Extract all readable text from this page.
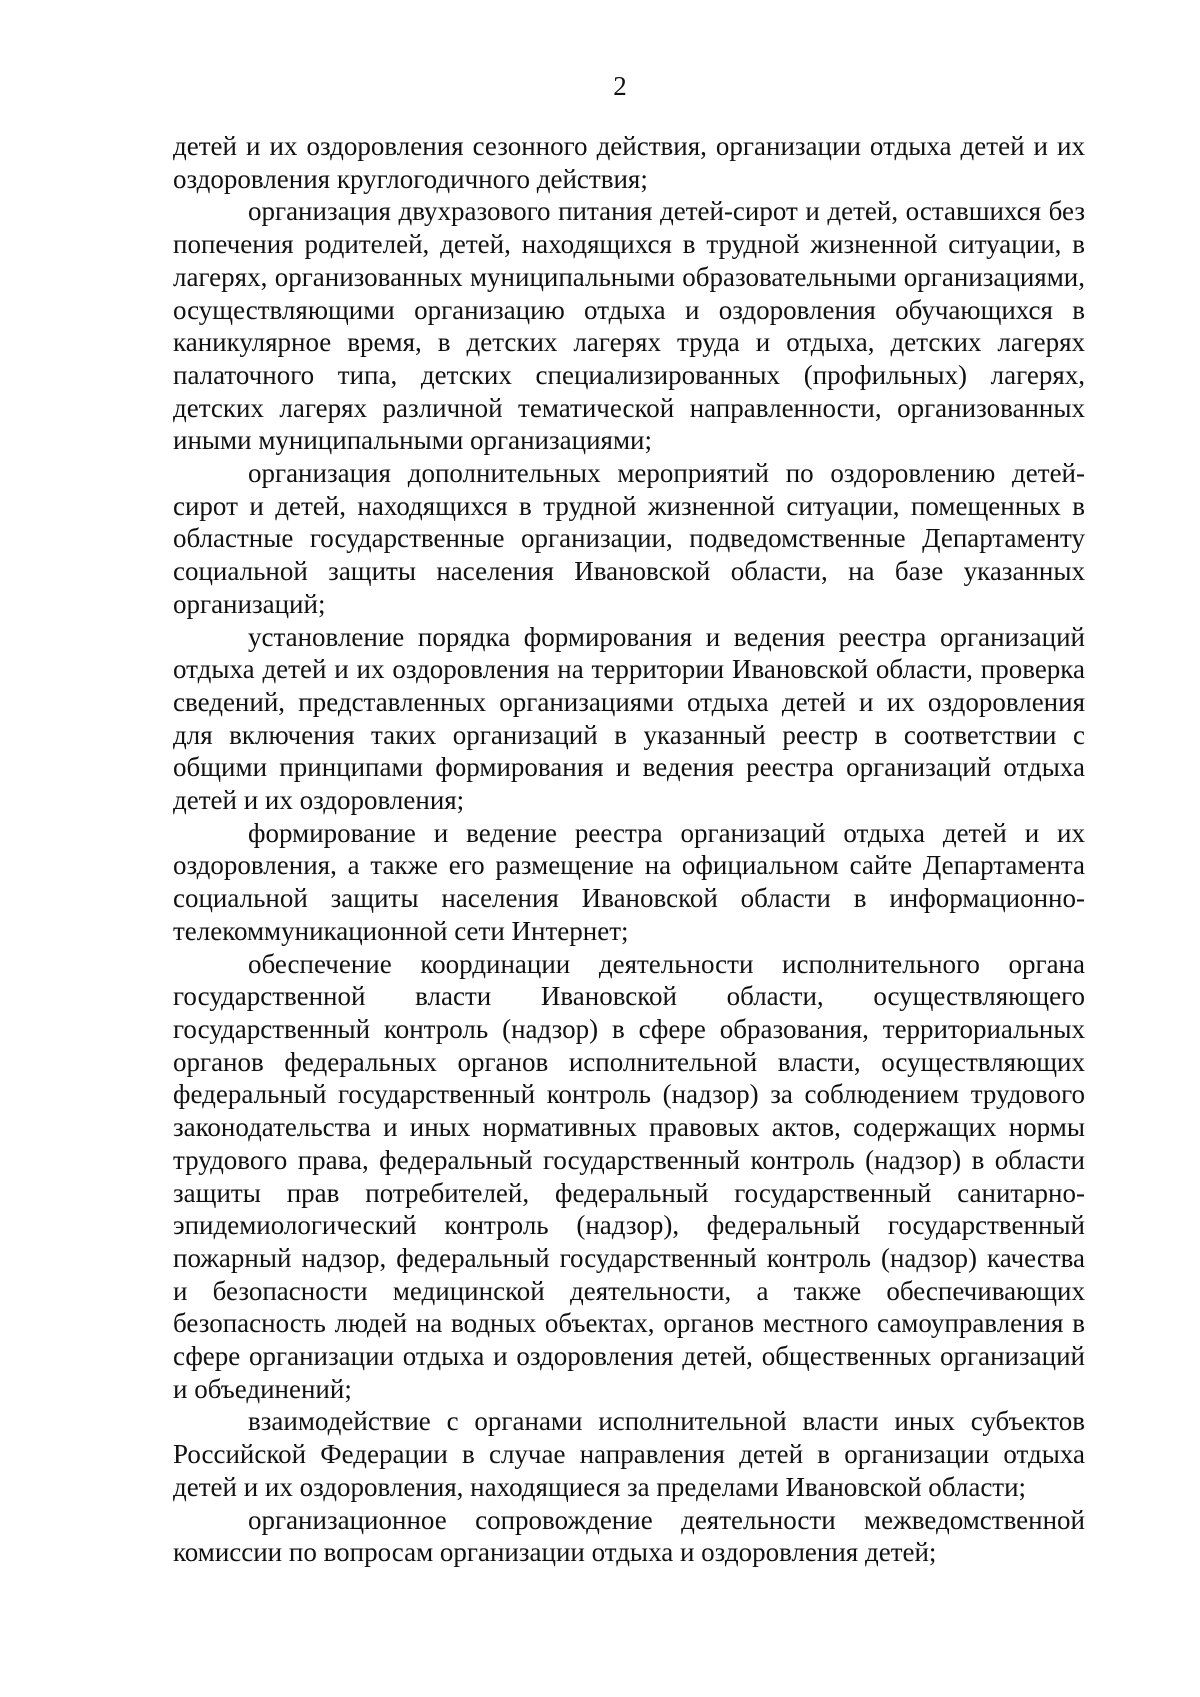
2

детей и их оздоровления сезонного действия, организации отдыха детей и их оздоровления круглогодичного действия;

организация двухразового питания детей-сирот и детей, оставшихся без попечения родителей, детей, находящихся в трудной жизненной ситуации, в лагерях, организованных муниципальными образовательными организациями, осуществляющими организацию отдыха и оздоровления обучающихся в каникулярное время, в детских лагерях труда и отдыха, детских лагерях палаточного типа, детских специализированных (профильных) лагерях, детских лагерях различной тематической направленности, организованных иными муниципальными организациями;

организация дополнительных мероприятий по оздоровлению детей-сирот и детей, находящихся в трудной жизненной ситуации, помещенных в областные государственные организации, подведомственные Департаменту социальной защиты населения Ивановской области, на базе указанных организаций;

установление порядка формирования и ведения реестра организаций отдыха детей и их оздоровления на территории Ивановской области, проверка сведений, представленных организациями отдыха детей и их оздоровления для включения таких организаций в указанный реестр в соответствии с общими принципами формирования и ведения реестра организаций отдыха детей и их оздоровления;

формирование и ведение реестра организаций отдыха детей и их оздоровления, а также его размещение на официальном сайте Департамента социальной защиты населения Ивановской области в информационно-телекоммуникационной сети Интернет;

обеспечение координации деятельности исполнительного органа государственной власти Ивановской области, осуществляющего государственный контроль (надзор) в сфере образования, территориальных органов федеральных органов исполнительной власти, осуществляющих федеральный государственный контроль (надзор) за соблюдением трудового законодательства и иных нормативных правовых актов, содержащих нормы трудового права, федеральный государственный контроль (надзор) в области защиты прав потребителей, федеральный государственный санитарно-эпидемиологический контроль (надзор), федеральный государственный пожарный надзор, федеральный государственный контроль (надзор) качества и безопасности медицинской деятельности, а также обеспечивающих безопасность людей на водных объектах, органов местного самоуправления в сфере организации отдыха и оздоровления детей, общественных организаций и объединений;

взаимодействие с органами исполнительной власти иных субъектов Российской Федерации в случае направления детей в организации отдыха детей и их оздоровления, находящиеся за пределами Ивановской области;

организационное сопровождение деятельности межведомственной комиссии по вопросам организации отдыха и оздоровления детей;
